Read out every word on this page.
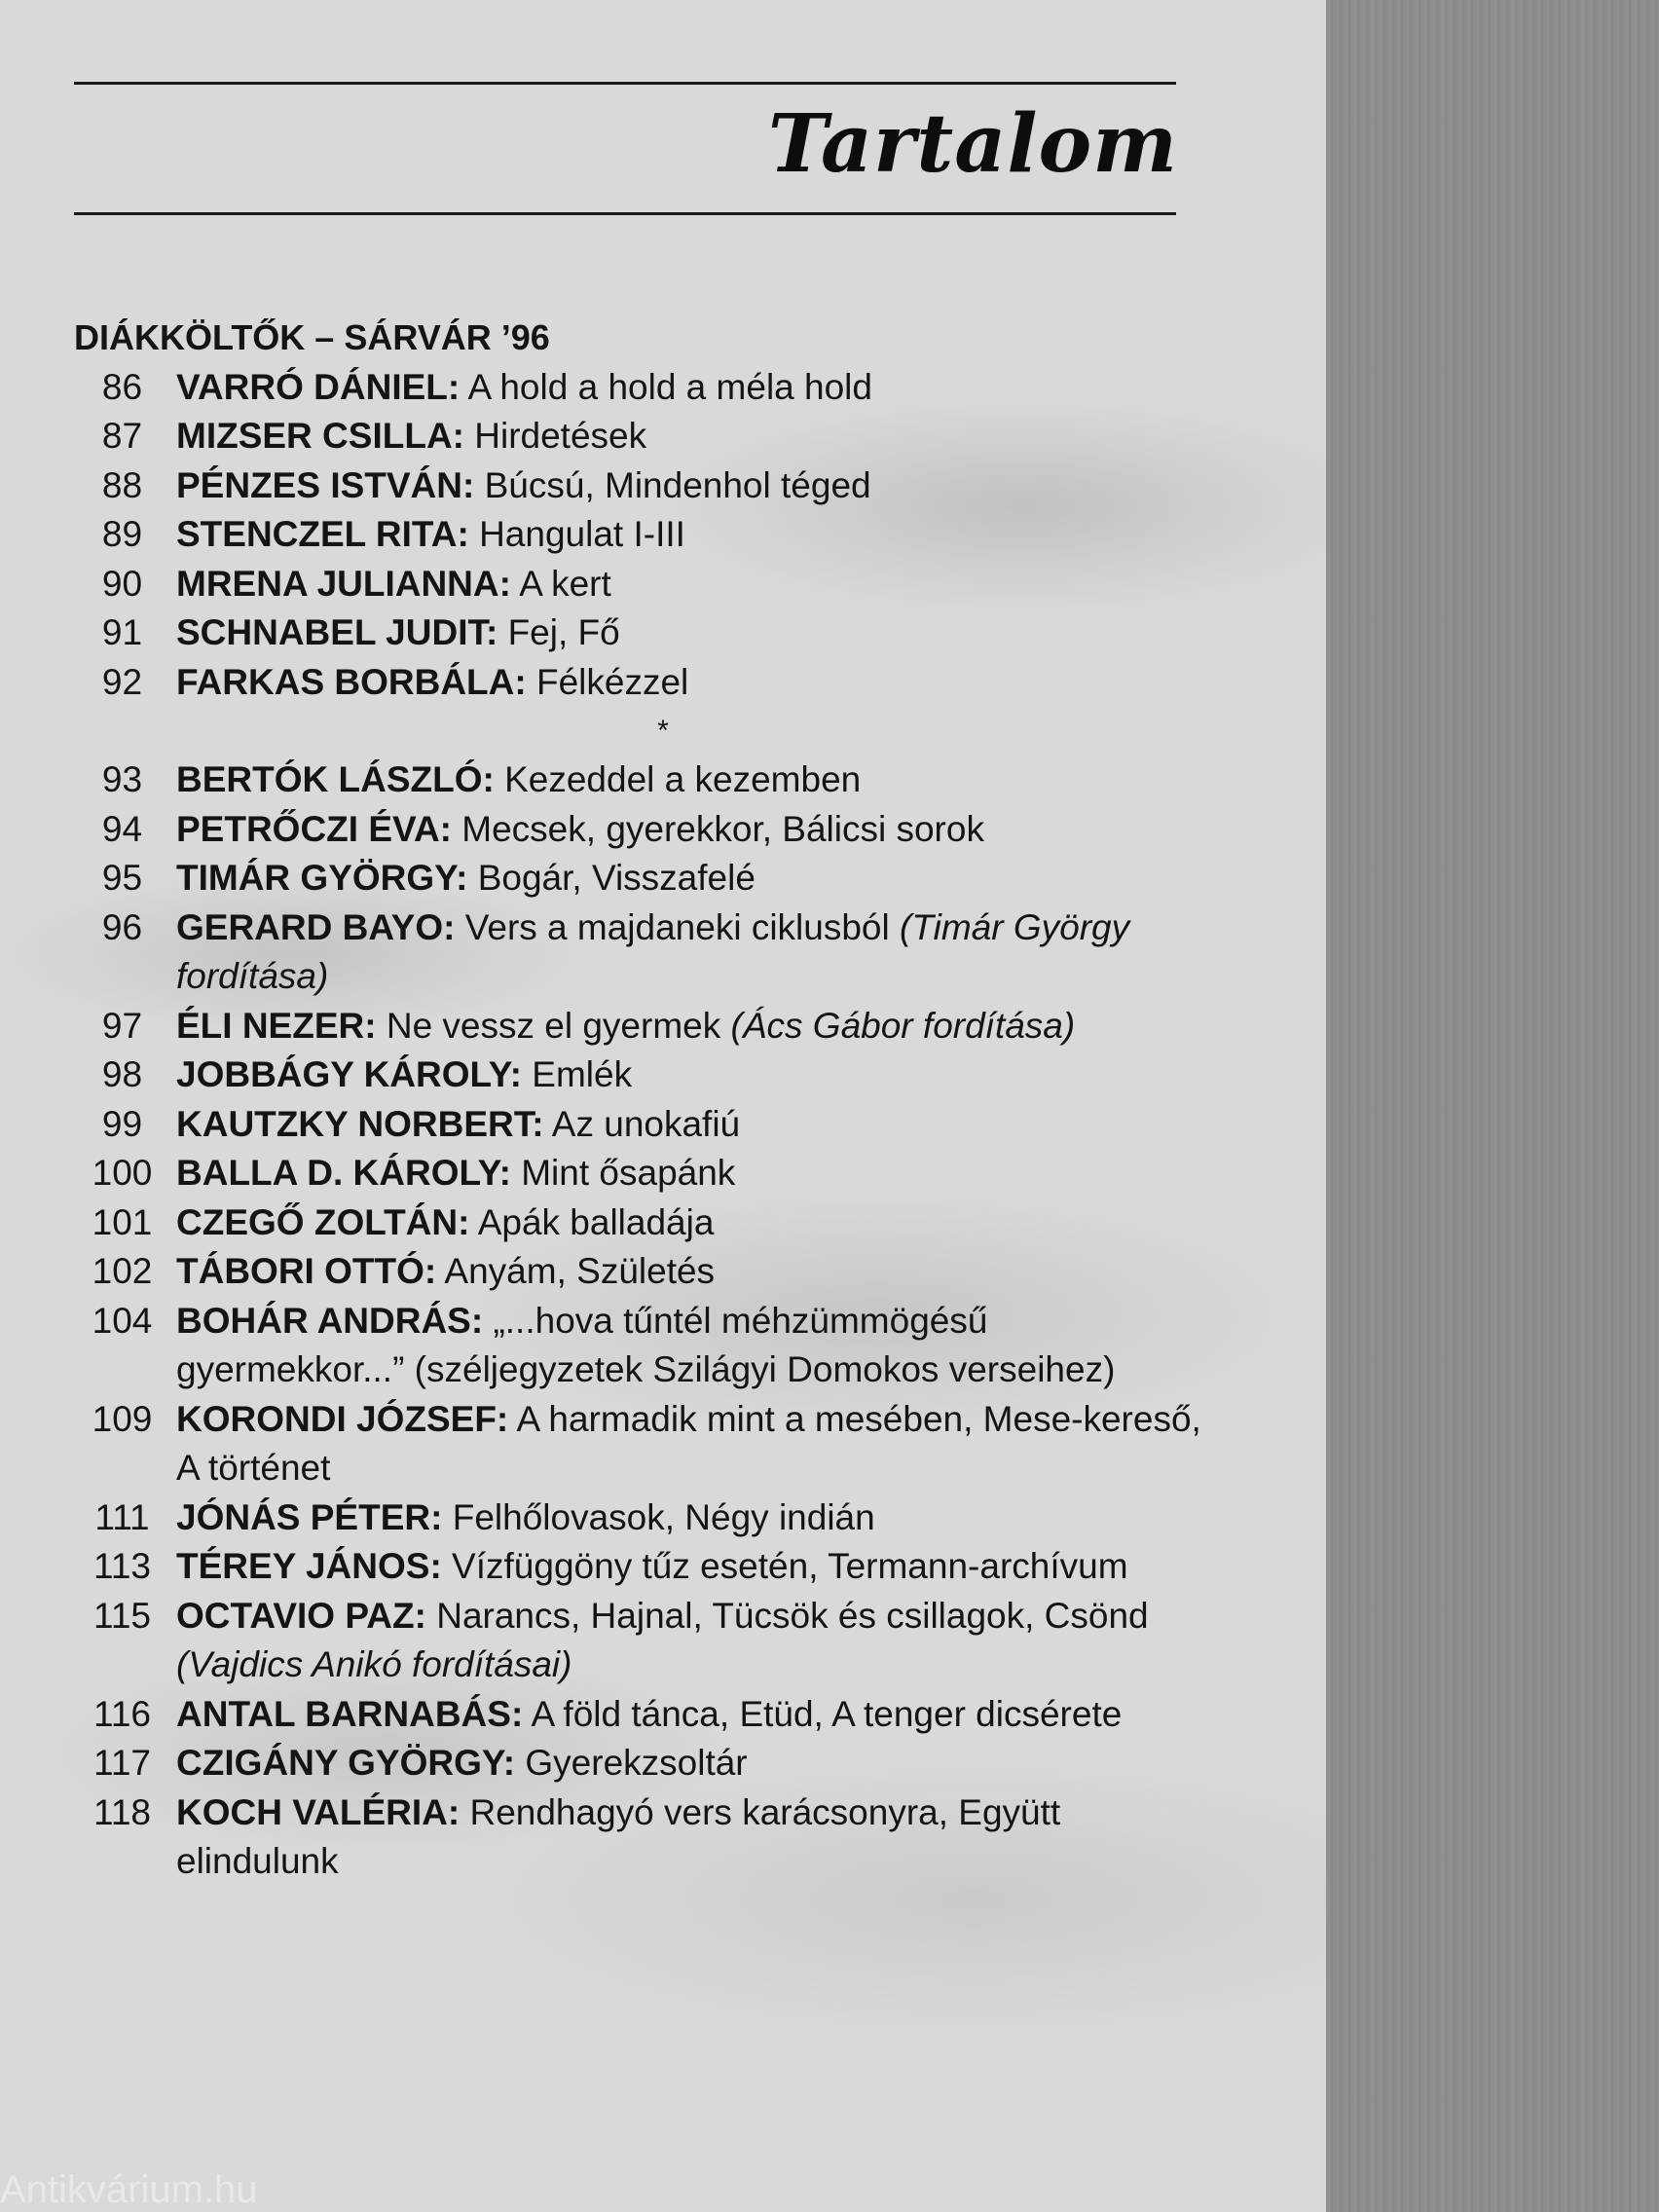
Tartalom
DIÁKKÖLTŐK – SÁRVÁR ’96
86 VARRÓ DÁNIEL: A hold a hold a méla hold
87 MIZSER CSILLA: Hirdetések
88 PÉNZES ISTVÁN: Búcsú, Mindenhol téged
89 STENCZEL RITA: Hangulat I-III
90 MRENA JULIANNA: A kert
91 SCHNABEL JUDIT: Fej, Fő
92 FARKAS BORBÁLA: Félkézzel
*
93 BERTÓK LÁSZLÓ: Kezeddel a kezemben
94 PETRŐCZI ÉVA: Mecsek, gyerekkor, Bálicsi sorok
95 TIMÁR GYÖRGY: Bogár, Visszafelé
96 GERARD BAYO: Vers a majdaneki ciklusból (Timár György fordítása)
97 ÉLI NEZER: Ne vessz el gyermek (Ács Gábor fordítása)
98 JOBBÁGY KÁROLY: Emlék
99 KAUTZKY NORBERT: Az unokafiú
100 BALLA D. KÁROLY: Mint ősapánk
101 CZEGŐ ZOLTÁN: Apák balladája
102 TÁBORI OTTÓ: Anyám, Születés
104 BOHÁR ANDRÁS: „...hova tűntél méhzümmögésű gyermekkor...” (széljegyzetek Szilágyi Domokos verseihez)
109 KORONDI JÓZSEF: A harmadik mint a mesében, Mese-kereső, A történet
111 JÓNÁS PÉTER: Felhőlovasok, Négy indián
113 TÉREY JÁNOS: Vízfüggöny tűz esetén, Termann-archívum
115 OCTAVIO PAZ: Narancs, Hajnal, Tücsök és csillagok, Csönd (Vajdics Anikó fordításai)
116 ANTAL BARNABÁS: A föld tánca, Etüd, A tenger dicsérete
117 CZIGÁNY GYÖRGY: Gyerekzsoltár
118 KOCH VALÉRIA: Rendhagyó vers karácsonyra, Együtt elindulunk
Antikvárium.hu
